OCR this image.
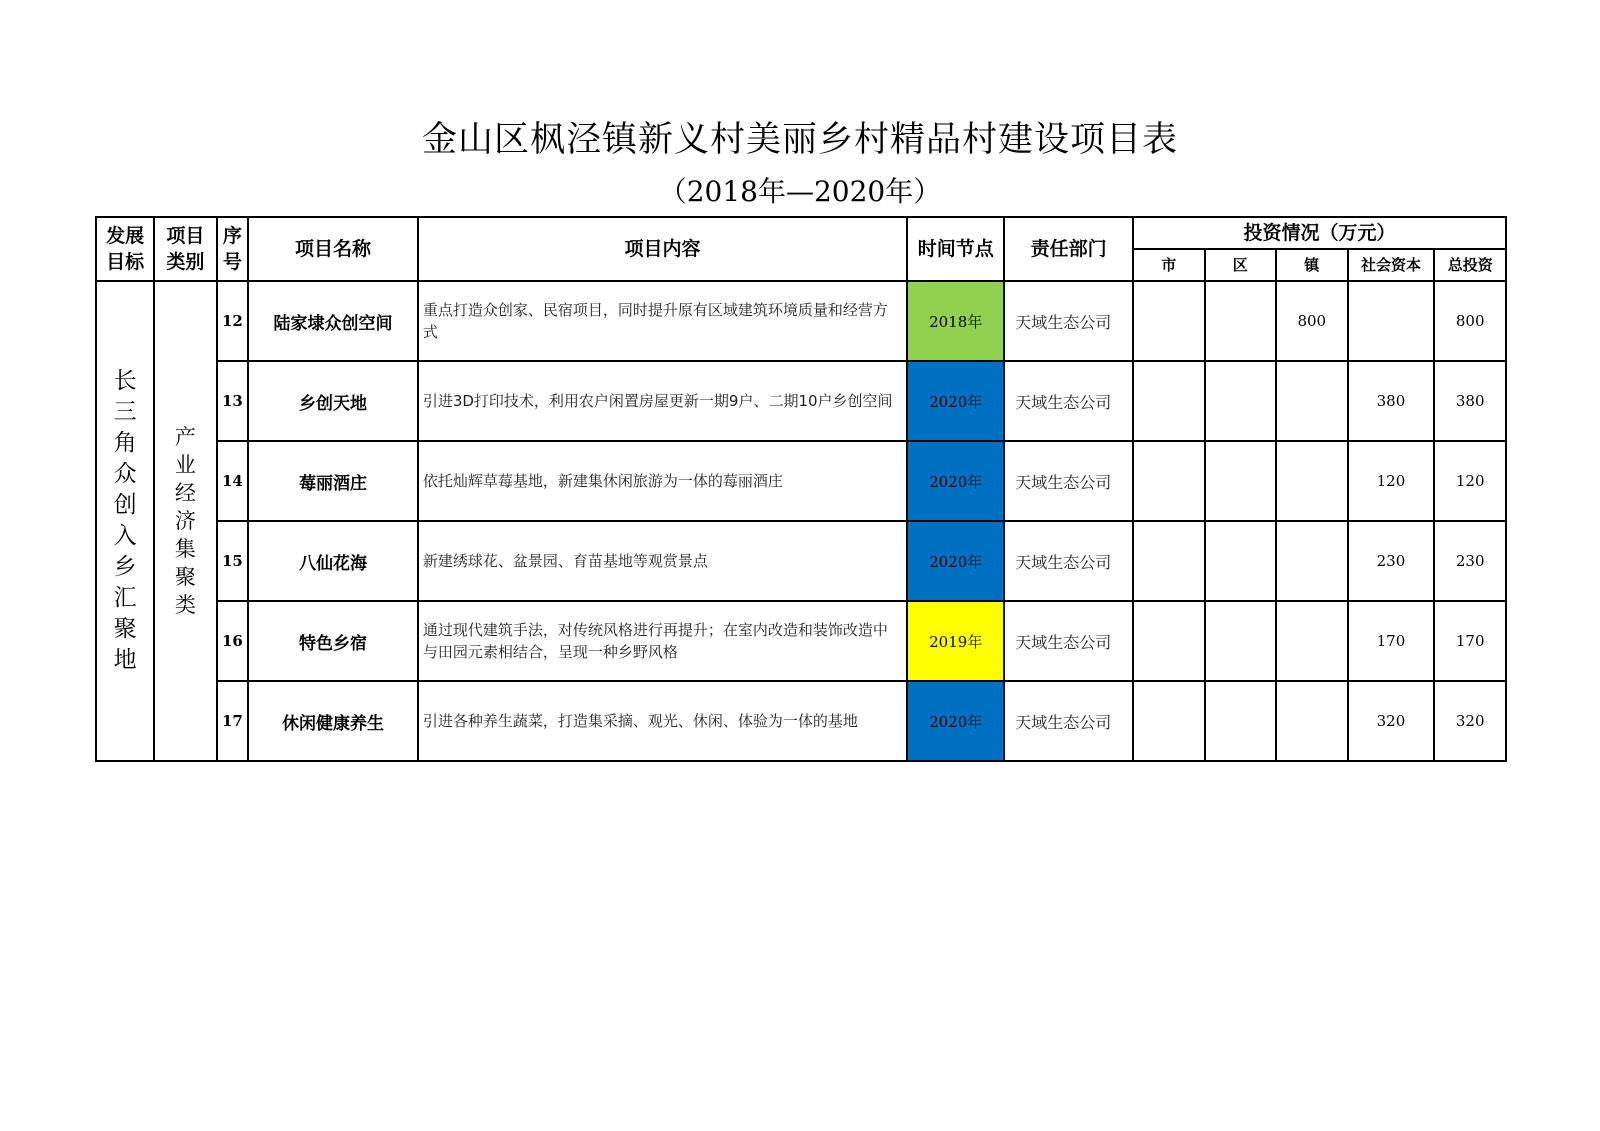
金山区枫泾镇新义村美丽乡村精品村建设项目表
（2018年—2020年）
发展目标	项目类别	序号	项目名称	项目内容	时间节点	责任部门	投资情况（万元）				
							市	区	镇	社会资本	总投资
长三角众创入乡汇聚地	产业经济集聚类	12	陆家埭众创空间	重点打造众创家、民宿项目，同时提升原有区域建筑环境质量和经营方式	2018年	天域生态公司			800		800
		13	乡创天地	引进3D打印技术，利用农户闲置房屋更新一期9户、二期10户乡创空间	2020年	天域生态公司				380	380
		14	莓丽酒庄	依托灿辉草莓基地，新建集休闲旅游为一体的莓丽酒庄	2020年	天域生态公司				120	120
		15	八仙花海	新建绣球花、盆景园、育苗基地等观赏景点	2020年	天域生态公司				230	230
		16	特色乡宿	通过现代建筑手法，对传统风格进行再提升；在室内改造和装饰改造中与田园元素相结合，呈现一种乡野风格	2019年	天域生态公司				170	170
		17	休闲健康养生	引进各种养生蔬菜，打造集采摘、观光、休闲、体验为一体的基地	2020年	天域生态公司				320	320
